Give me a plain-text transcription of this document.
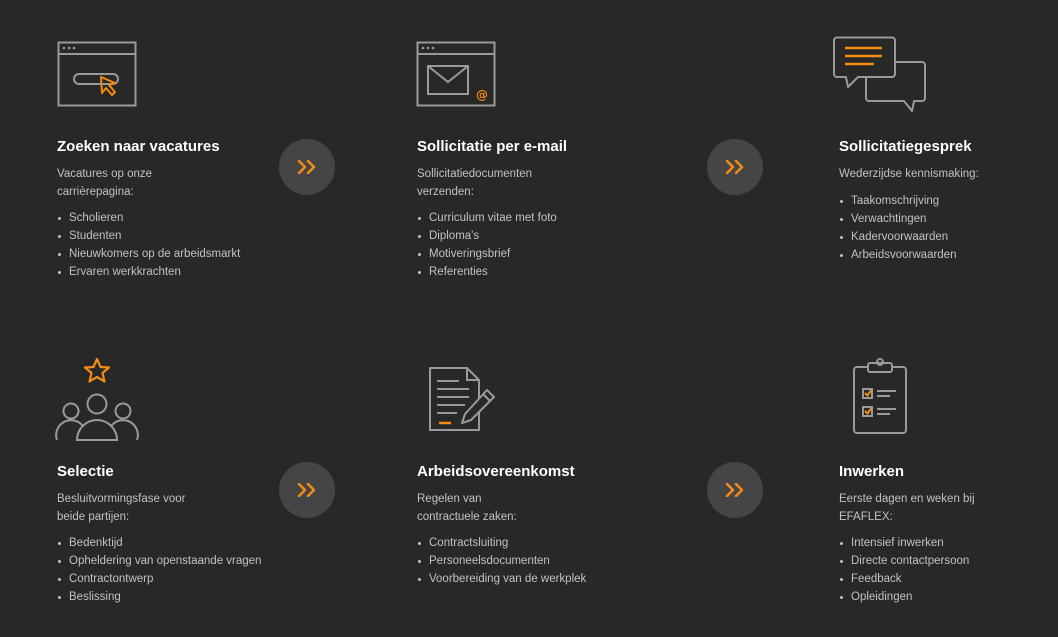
@
Zoeken naar vacatures
Vacatures op onze
carrièrepagina:
Scholieren
Studenten
Nieuwkomers op de arbeidsmarkt
Ervaren werkkrachten
Sollicitatie per e-mail
Sollicitatiedocumenten
verzenden:
Curriculum vitae met foto
Diploma's
Motiveringsbrief
Referenties
Sollicitatiegesprek
Wederzijdse kennismaking:
Taakomschrijving
Verwachtingen
Kadervoorwaarden
Arbeidsvoorwaarden
Selectie
Besluitvormingsfase voor
beide partijen:
Bedenktijd
Opheldering van openstaande vragen
Contractontwerp
Beslissing
Arbeidsovereenkomst
Regelen van
contractuele zaken:
Contractsluiting
Personeelsdocumenten
Voorbereiding van de werkplek
Inwerken
Eerste dagen en weken bij
EFAFLEX:
Intensief inwerken
Directe contactpersoon
Feedback
Opleidingen
